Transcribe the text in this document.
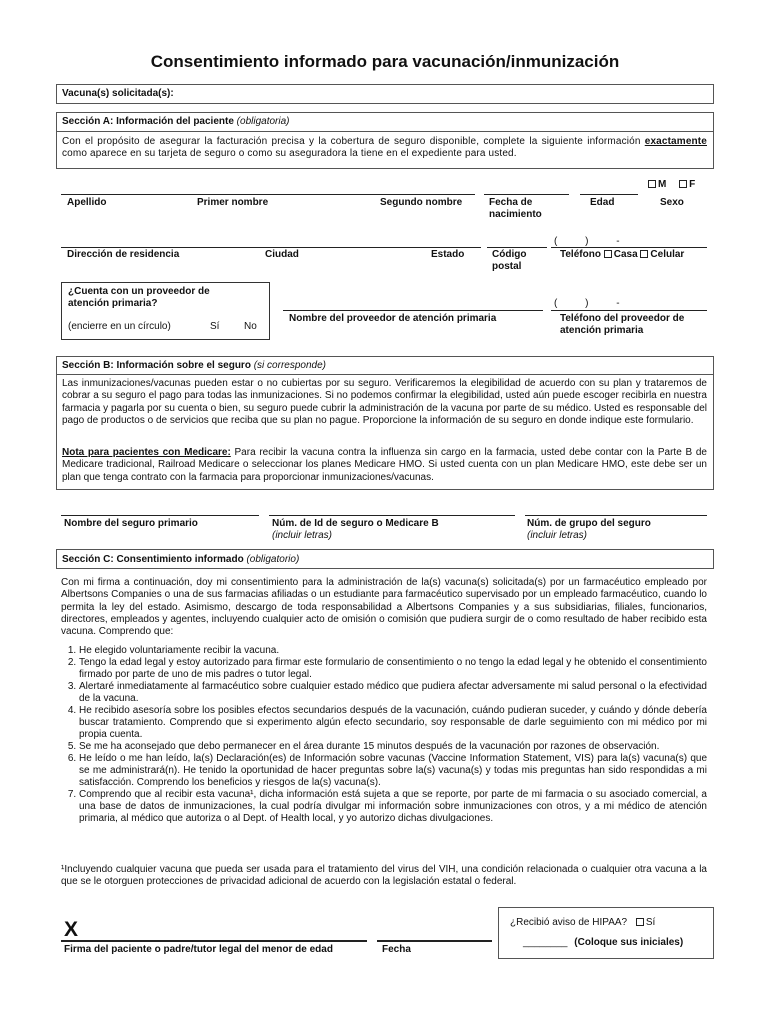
Consentimiento informado para vacunación/inmunización
Vacuna(s) solicitada(s):
Sección A: Información del paciente (obligatoria)
Con el propósito de asegurar la facturación precisa y la cobertura de seguro disponible, complete la siguiente información exactamente como aparece en su tarjeta de seguro o como su aseguradora la tiene en el expediente para usted.
M F
Apellido	Primer nombre	Segundo nombre	Fecha de nacimiento
Edad	Sexo
(          )          -
Dirección de residencia	Ciudad	Estado	Código postal
Teléfono Casa Celular
¿Cuenta con un proveedor de atención primaria?
(encierre en un círculo)	Sí No
(          )          -
Nombre del proveedor de atención primaria	Teléfono del proveedor de atención primaria
Sección B: Información sobre el seguro (si corresponde)
Las inmunizaciones/vacunas pueden estar o no cubiertas por su seguro. Verificaremos la elegibilidad de acuerdo con su plan y trataremos de cobrar a su seguro el pago para todas las inmunizaciones. Si no podemos confirmar la elegibilidad, usted aún puede escoger recibirla en nuestra farmacia y pagarla por su cuenta o bien, su seguro puede cubrir la administración de la vacuna por parte de su médico. Usted es responsable del pago de productos o de servicios que reciba que su plan no pague. Proporcione la información de su seguro en donde indique este formulario.
Nota para pacientes con Medicare: Para recibir la vacuna contra la influenza sin cargo en la farmacia, usted debe contar con la Parte B de Medicare tradicional, Railroad Medicare o seleccionar los planes Medicare HMO. Si usted cuenta con un plan Medicare HMO, este debe ser un plan que tenga contrato con la farmacia para proporcionar inmunizaciones/vacunas.
Nombre del seguro primario	Núm. de Id de seguro o Medicare B
(incluir letras)
Núm. de grupo del seguro
(incluir letras)
Sección C: Consentimiento informado (obligatorio)
Con mi firma a continuación, doy mi consentimiento para la administración de la(s) vacuna(s) solicitada(s) por un farmacéutico empleado por Albertsons Companies o una de sus farmacias afiliadas o un estudiante para farmacéutico supervisado por un empleado farmacéutico, cuando lo permita la ley del estado. Asimismo, descargo de toda responsabilidad a Albertsons Companies y a sus subsidiarias, filiales, funcionarios, directores, empleados y agentes, incluyendo cualquier acto de omisión o comisión que pudiera surgir de o como resultado de haber recibido esta vacuna. Comprendo que:
1. He elegido voluntariamente recibir la vacuna.
2. Tengo la edad legal y estoy autorizado para firmar este formulario de consentimiento o no tengo la edad legal y he obtenido el consentimiento firmado por parte de uno de mis padres o tutor legal.
3. Alertaré inmediatamente al farmacéutico sobre cualquier estado médico que pudiera afectar adversamente mi salud personal o la efectividad de la vacuna.
4. He recibido asesoría sobre los posibles efectos secundarios después de la vacunación, cuándo pudieran suceder, y cuándo y dónde debería buscar tratamiento. Comprendo que si experimento algún efecto secundario, soy responsable de darle seguimiento con mi médico por mi propia cuenta.
5. Se me ha aconsejado que debo permanecer en el área durante 15 minutos después de la vacunación por razones de observación.
6. He leído o me han leído, la(s) Declaración(es) de Información sobre vacunas (Vaccine Information Statement, VIS) para la(s) vacuna(s) que se me administrará(n). He tenido la oportunidad de hacer preguntas sobre la(s) vacuna(s) y todas mis preguntas han sido respondidas a mi satisfacción. Comprendo los beneficios y riesgos de la(s) vacuna(s).
7. Comprendo que al recibir esta vacuna¹, dicha información está sujeta a que se reporte, por parte de mi farmacia o su asociado comercial, a una base de datos de inmunizaciones, la cual podría divulgar mi información sobre inmunizaciones con otros, y a mi médico de atención primaria, al médico que autoriza o al Dept. of Health local, y yo autorizo dichas divulgaciones.
¹Incluyendo cualquier vacuna que pueda ser usada para el tratamiento del virus del VIH, una condición relacionada o cualquier otra vacuna a la que se le otorguen protecciones de privacidad adicional de acuerdo con la legislación estatal o federal.
X
Firma del paciente o padre/tutor legal del menor de edad	Fecha
¿Recibió aviso de HIPAA? Sí
________ (Coloque sus iniciales)
